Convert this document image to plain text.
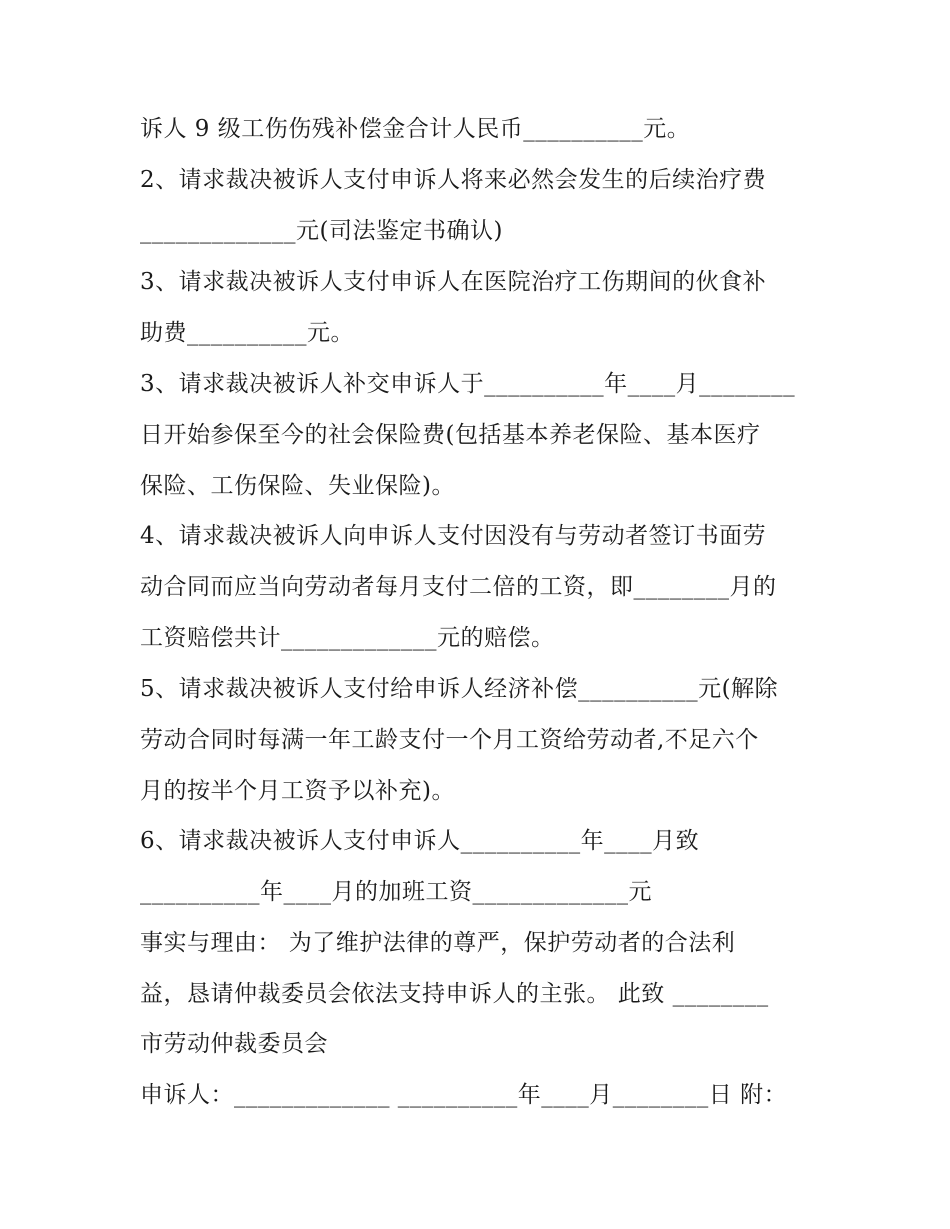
诉人 9 级工伤伤残补偿金合计人民币__________元。
2、请求裁决被诉人支付申诉人将来必然会发生的后续治疗费
_____________元(司法鉴定书确认)
3、请求裁决被诉人支付申诉人在医院治疗工伤期间的伙食补
助费__________元。
3、请求裁决被诉人补交申诉人于__________年____月________
日开始参保至今的社会保险费(包括基本养老保险、基本医疗
保险、工伤保险、失业保险)。
4、请求裁决被诉人向申诉人支付因没有与劳动者签订书面劳
动合同而应当向劳动者每月支付二倍的工资，即________月的
工资赔偿共计_____________元的赔偿。
5、请求裁决被诉人支付给申诉人经济补偿__________元(解除
劳动合同时每满一年工龄支付一个月工资给劳动者,不足六个
月的按半个月工资予以补充)。
6、请求裁决被诉人支付申诉人__________年____月致
__________年____月的加班工资_____________元
事实与理由： 为了维护法律的尊严，保护劳动者的合法利
益，恳请仲裁委员会依法支持申诉人的主张。 此致 ________
市劳动仲裁委员会
申诉人：_____________ __________年____月________日 附：
